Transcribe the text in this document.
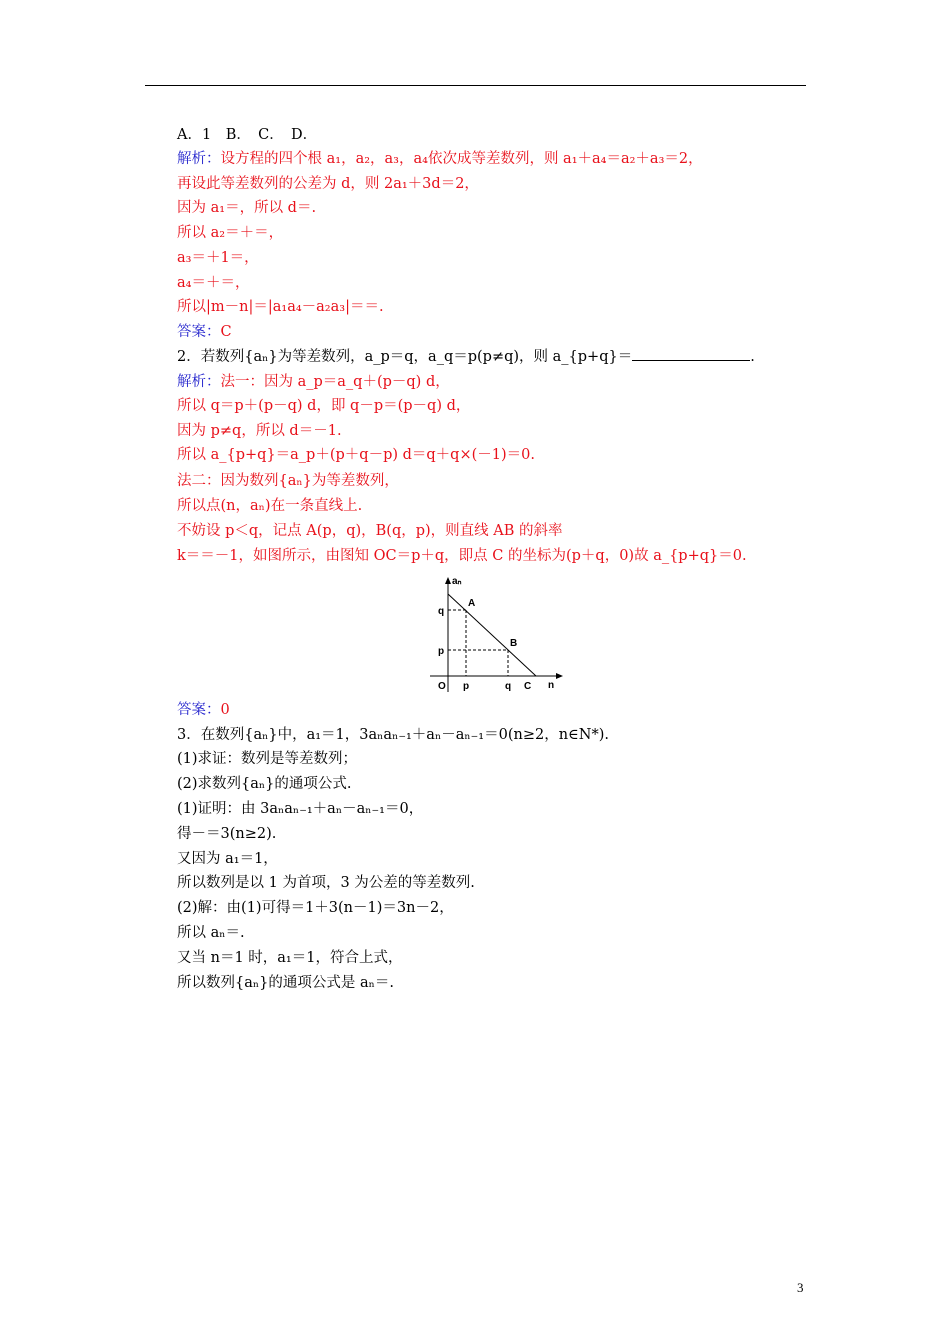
A．1　B．　C．　D．
解析：设方程的四个根 a₁，a₂，a₃，a₄依次成等差数列，则 a₁＋a₄＝a₂＋a₃＝2，
再设此等差数列的公差为 d，则 2a₁＋3d＝2，
因为 a₁＝，所以 d＝.
所以 a₂＝＋＝，
a₃＝＋1＝，
a₄＝＋＝，
所以|m－n|＝|a₁a₄－a₂a₃|＝＝.
答案：C
2．若数列{aₙ}为等差数列，a_p＝q，a_q＝p(p≠q)，则 a_{p+q}＝	.
解析：法一：因为 a_p＝a_q＋(p－q) d，
所以 q＝p＋(p－q) d，即 q－p＝(p－q) d，
因为 p≠q，所以 d＝－1.
所以 a_{p+q}＝a_p＋(p＋q－p) d＝q＋q×(－1)＝0.
法二：因为数列{aₙ}为等差数列，
所以点(n，aₙ)在一条直线上.
不妨设 p＜q，记点 A(p，q)，B(q，p)，则直线 AB 的斜率
k＝＝－1，如图所示，由图知 OC＝p＋q，即点 C 的坐标为(p＋q，0)故 a_{p+q}＝0.
答案：0
3．在数列{aₙ}中，a₁＝1，3aₙaₙ₋₁＋aₙ－aₙ₋₁＝0(n≥2，n∈N*).
(1)求证：数列是等差数列；
(2)求数列{aₙ}的通项公式.
(1)证明：由 3aₙaₙ₋₁＋aₙ－aₙ₋₁＝0，
得－＝3(n≥2).
又因为 a₁＝1，
所以数列是以 1 为首项，3 为公差的等差数列.
(2)解：由(1)可得＝1＋3(n－1)＝3n－2，
所以 aₙ＝.
又当 n＝1 时，a₁＝1，符合上式，
所以数列{aₙ}的通项公式是 aₙ＝.
aₙ
n
O
A
B
C
p	q
q
p
3
